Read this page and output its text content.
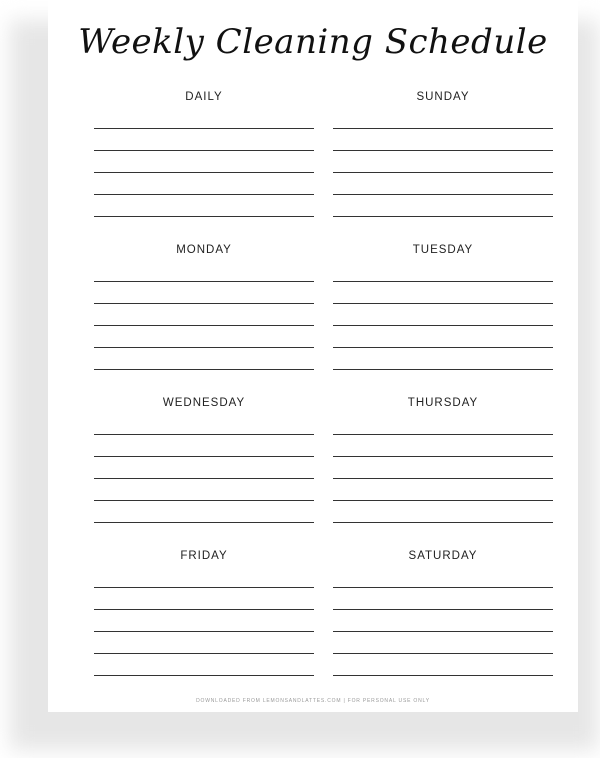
Weekly Cleaning Schedule
DAILY	SUNDAY
MONDAY	TUESDAY
WEDNESDAY	THURSDAY
FRIDAY	SATURDAY
DOWNLOADED FROM LEMONSANDLATTES.COM | FOR PERSONAL USE ONLY
